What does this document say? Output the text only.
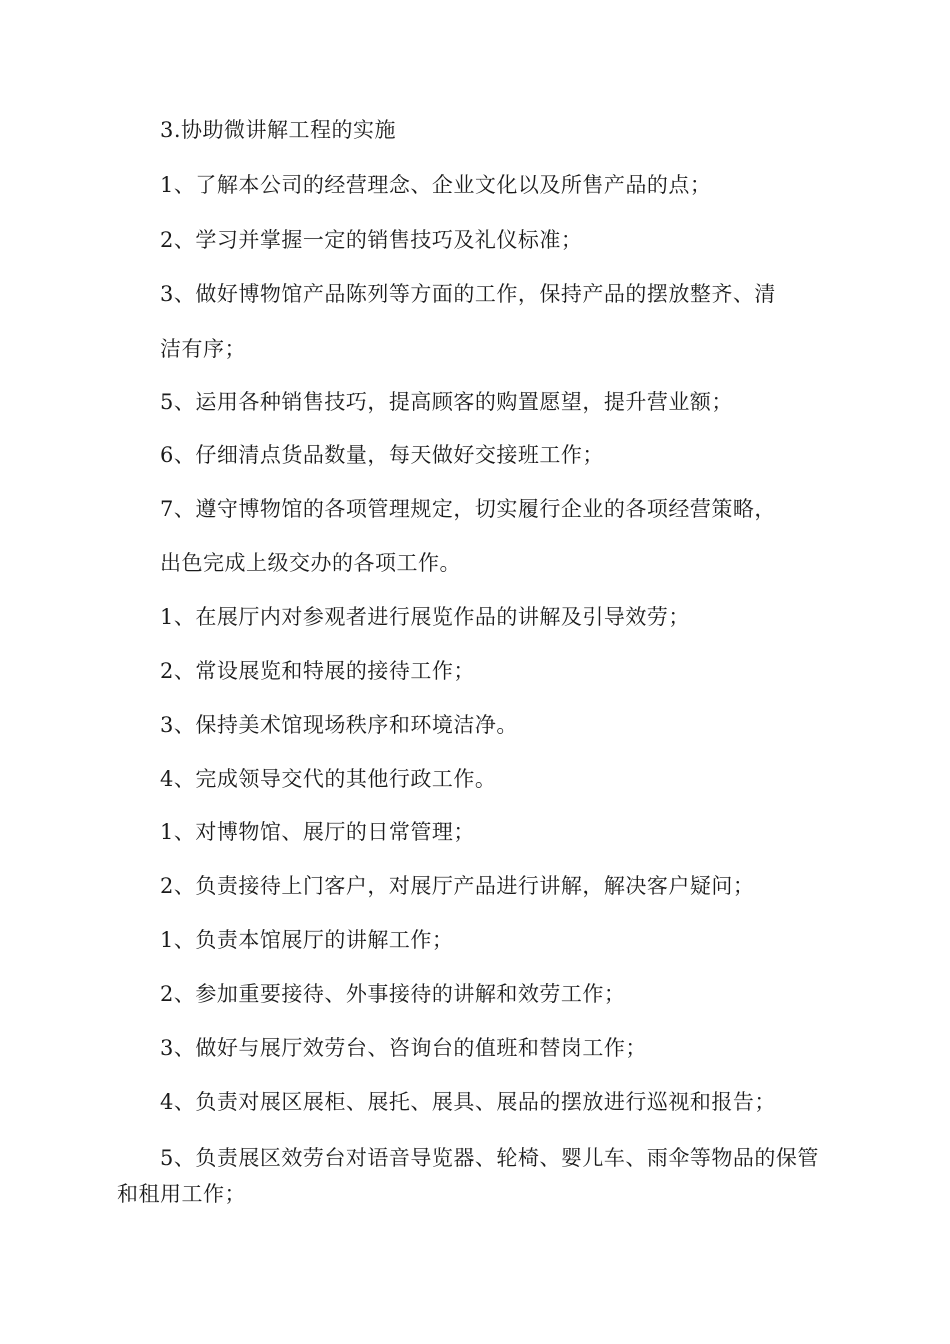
3.协助微讲解工程的实施

1、了解本公司的经营理念、企业文化以及所售产品的点；

2、学习并掌握一定的销售技巧及礼仪标准；

3、做好博物馆产品陈列等方面的工作，保持产品的摆放整齐、清

洁有序；

5、运用各种销售技巧，提高顾客的购置愿望，提升营业额；

6、仔细清点货品数量，每天做好交接班工作；

7、遵守博物馆的各项管理规定，切实履行企业的各项经营策略，

出色完成上级交办的各项工作。

1、在展厅内对参观者进行展览作品的讲解及引导效劳；

2、常设展览和特展的接待工作；

3、保持美术馆现场秩序和环境洁净。

4、完成领导交代的其他行政工作。

1、对博物馆、展厅的日常管理；

2、负责接待上门客户，对展厅产品进行讲解，解决客户疑问；

1、负责本馆展厅的讲解工作；

2、参加重要接待、外事接待的讲解和效劳工作；

3、做好与展厅效劳台、咨询台的值班和替岗工作；

4、负责对展区展柜、展托、展具、展品的摆放进行巡视和报告；

5、负责展区效劳台对语音导览器、轮椅、婴儿车、雨伞等物品的保管和租用工作；
